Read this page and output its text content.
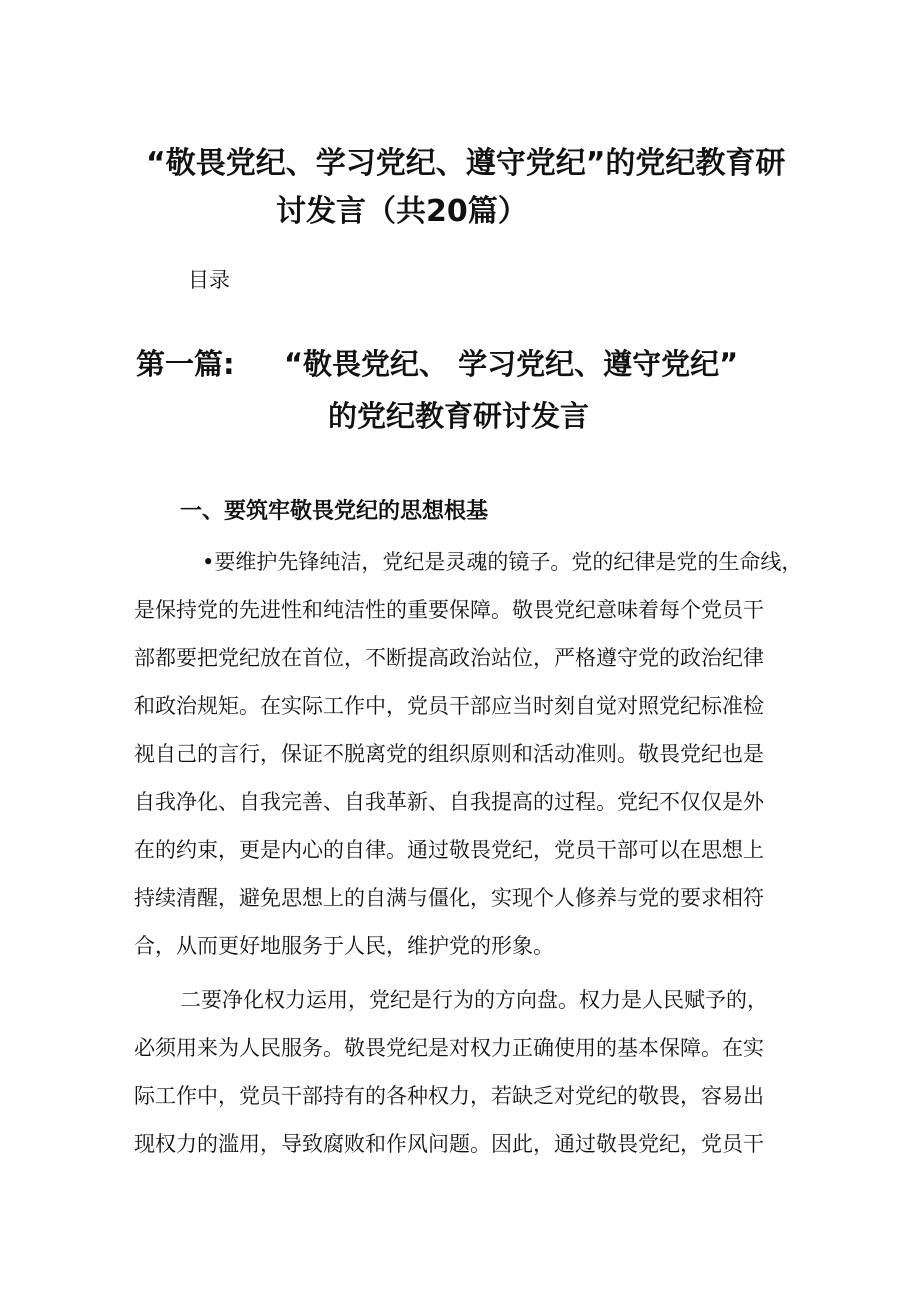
“敬畏党纪、学习党纪、遵守党纪”的党纪教育研
讨发言（共20篇）
目录
第一篇: “敬畏党纪、 学习党纪、遵守党纪”
的党纪教育研讨发言
一、要筑牢敬畏党纪的思想根基
•要维护先锋纯洁，党纪是灵魂的镜子。党的纪律是党的生命线，
是保持党的先进性和纯洁性的重要保障。敬畏党纪意味着每个党员干
部都要把党纪放在首位，不断提高政治站位，严格遵守党的政治纪律
和政治规矩。在实际工作中，党员干部应当时刻自觉对照党纪标准检
视自己的言行，保证不脱离党的组织原则和活动准则。敬畏党纪也是
自我净化、自我完善、自我革新、自我提高的过程。党纪不仅仅是外
在的约束，更是内心的自律。通过敬畏党纪，党员干部可以在思想上
持续清醒，避免思想上的自满与僵化，实现个人修养与党的要求相符
合，从而更好地服务于人民，维护党的形象。
二要净化权力运用，党纪是行为的方向盘。权力是人民赋予的，
必须用来为人民服务。敬畏党纪是对权力正确使用的基本保障。在实
际工作中，党员干部持有的各种权力，若缺乏对党纪的敬畏，容易出
现权力的滥用，导致腐败和作风问题。因此，通过敬畏党纪，党员干
